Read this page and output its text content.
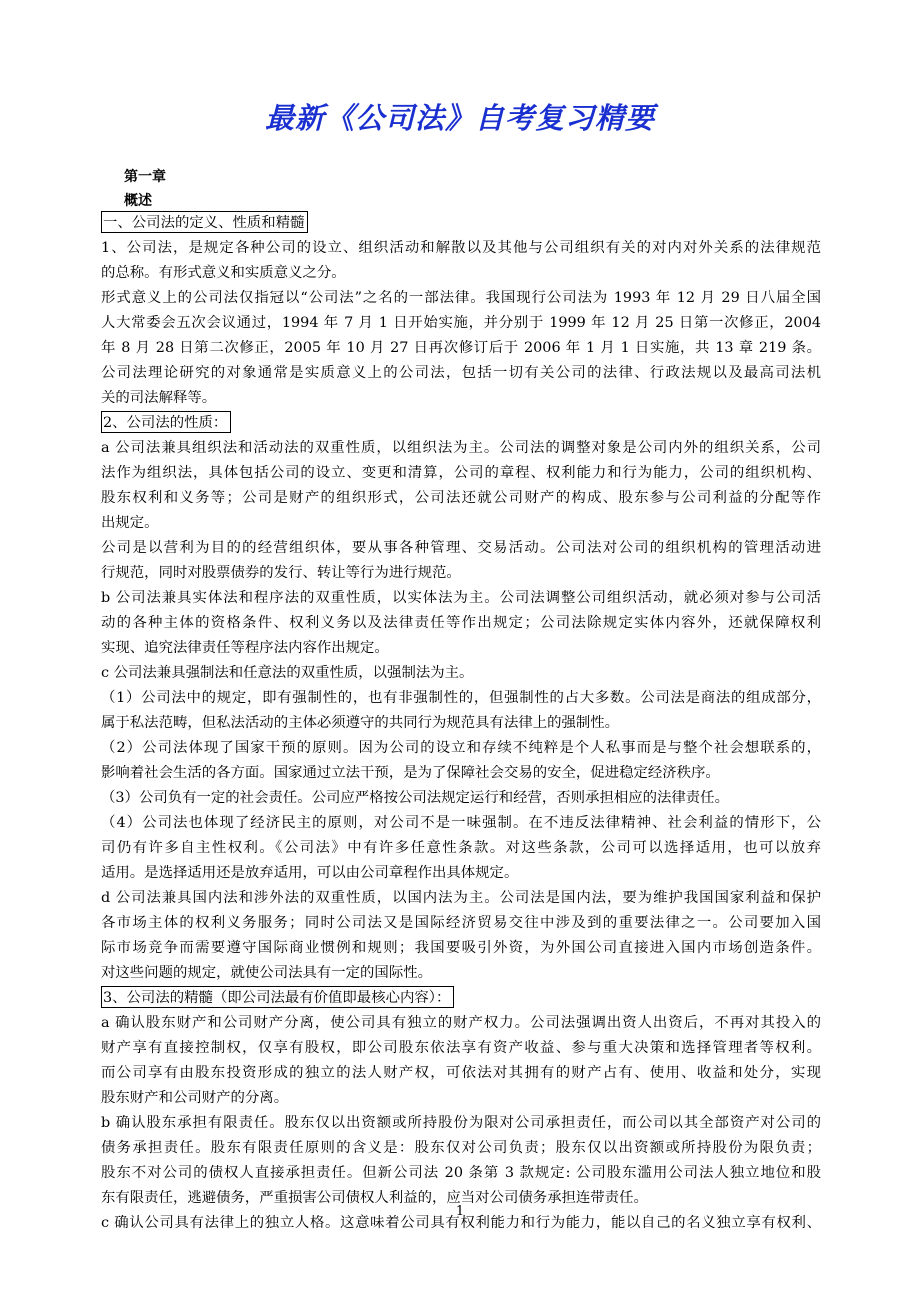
最新《公司法》自考复习精要

第一章

概述

一、公司法的定义、性质和精髓

1、公司法，是规定各种公司的设立、组织活动和解散以及其他与公司组织有关的对内对外关系的法律规范

的总称。有形式意义和实质意义之分。

形式意义上的公司法仅指冠以“公司法”之名的一部法律。我国现行公司法为 1993 年 12 月 29 日八届全国

人大常委会五次会议通过，1994 年 7 月 1 日开始实施，并分别于 1999 年 12 月 25 日第一次修正，2004

年 8 月 28 日第二次修正，2005 年 10 月 27 日再次修订后于 2006 年 1 月 1 日实施，共 13 章 219 条。

公司法理论研究的对象通常是实质意义上的公司法，包括一切有关公司的法律、行政法规以及最高司法机

关的司法解释等。

2、公司法的性质：

a 公司法兼具组织法和活动法的双重性质，以组织法为主。公司法的调整对象是公司内外的组织关系，公司

法作为组织法，具体包括公司的设立、变更和清算，公司的章程、权利能力和行为能力，公司的组织机构、

股东权利和义务等；公司是财产的组织形式，公司法还就公司财产的构成、股东参与公司利益的分配等作

出规定。

公司是以营利为目的的经营组织体，要从事各种管理、交易活动。公司法对公司的组织机构的管理活动进

行规范，同时对股票债券的发行、转让等行为进行规范。

b 公司法兼具实体法和程序法的双重性质，以实体法为主。公司法调整公司组织活动，就必须对参与公司活

动的各种主体的资格条件、权利义务以及法律责任等作出规定；公司法除规定实体内容外，还就保障权利

实现、追究法律责任等程序法内容作出规定。

c 公司法兼具强制法和任意法的双重性质，以强制法为主。

（1）公司法中的规定，即有强制性的，也有非强制性的，但强制性的占大多数。公司法是商法的组成部分，

属于私法范畴，但私法活动的主体必须遵守的共同行为规范具有法律上的强制性。

（2）公司法体现了国家干预的原则。因为公司的设立和存续不纯粹是个人私事而是与整个社会想联系的，

影响着社会生活的各方面。国家通过立法干预，是为了保障社会交易的安全，促进稳定经济秩序。

（3）公司负有一定的社会责任。公司应严格按公司法规定运行和经营，否则承担相应的法律责任。

（4）公司法也体现了经济民主的原则，对公司不是一味强制。在不违反法律精神、社会利益的情形下，公

司仍有许多自主性权利。《公司法》中有许多任意性条款。对这些条款，公司可以选择适用，也可以放弃

适用。是选择适用还是放弃适用，可以由公司章程作出具体规定。

d 公司法兼具国内法和涉外法的双重性质，以国内法为主。公司法是国内法，要为维护我国国家利益和保护

各市场主体的权利义务服务；同时公司法又是国际经济贸易交往中涉及到的重要法律之一。公司要加入国

际市场竞争而需要遵守国际商业惯例和规则；我国要吸引外资，为外国公司直接进入国内市场创造条件。

对这些问题的规定，就使公司法具有一定的国际性。

3、公司法的精髓（即公司法最有价值即最核心内容）：

a 确认股东财产和公司财产分离，使公司具有独立的财产权力。公司法强调出资人出资后，不再对其投入的

财产享有直接控制权，仅享有股权，即公司股东依法享有资产收益、参与重大决策和选择管理者等权利。

而公司享有由股东投资形成的独立的法人财产权，可依法对其拥有的财产占有、使用、收益和处分，实现

股东财产和公司财产的分离。

b 确认股东承担有限责任。股东仅以出资额或所持股份为限对公司承担责任，而公司以其全部资产对公司的

债务承担责任。股东有限责任原则的含义是：股东仅对公司负责；股东仅以出资额或所持股份为限负责；

股东不对公司的债权人直接承担责任。但新公司法 20 条第 3 款规定: 公司股东滥用公司法人独立地位和股

东有限责任，逃避债务，严重损害公司债权人利益的，应当对公司债务承担连带责任。

c 确认公司具有法律上的独立人格。这意味着公司具有权利能力和行为能力，能以自己的名义独立享有权利、

1
